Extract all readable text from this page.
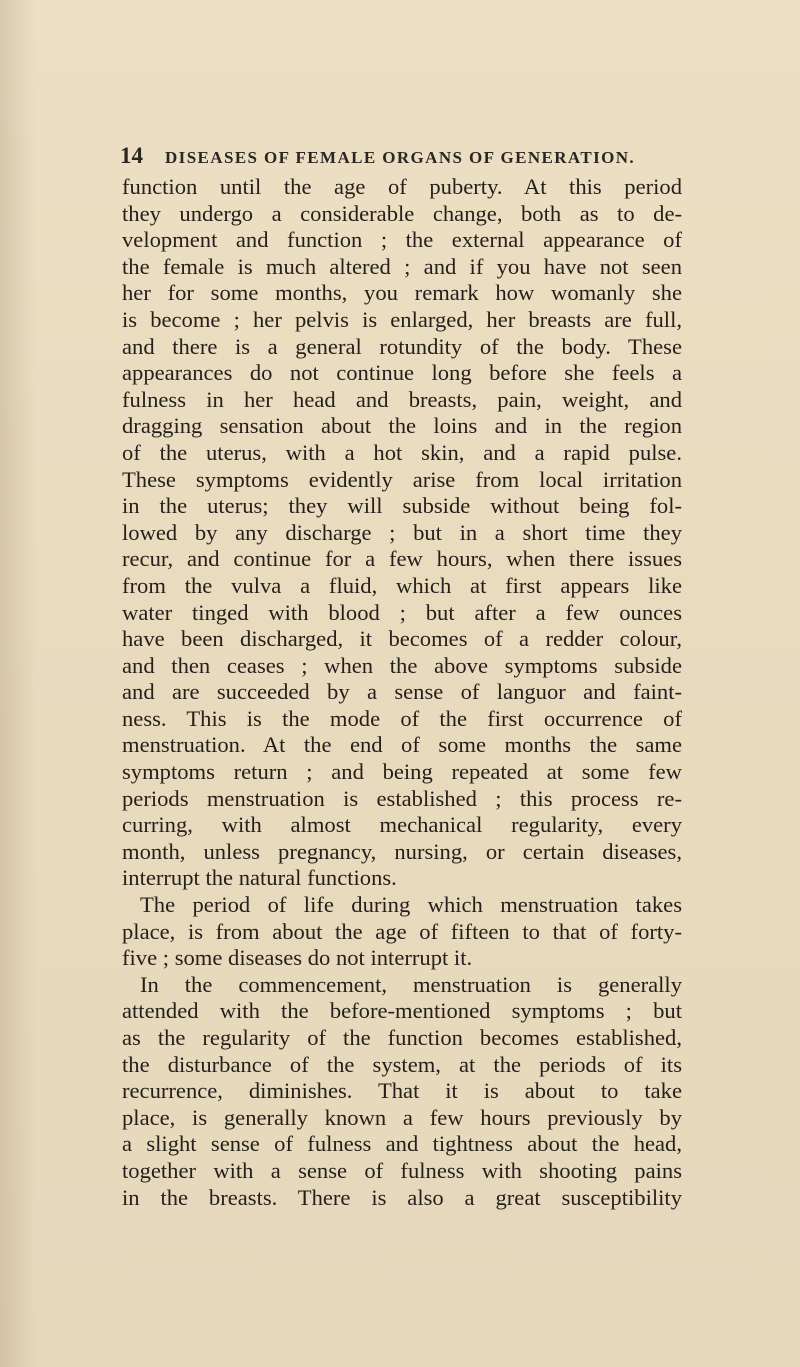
14 DISEASES OF FEMALE ORGANS OF GENERATION.
function until the age of puberty. At this period
they undergo a considerable change, both as to de-
velopment and function ; the external appearance of
the female is much altered ; and if you have not seen
her for some months, you remark how womanly she
is become ; her pelvis is enlarged, her breasts are full,
and there is a general rotundity of the body. These
appearances do not continue long before she feels a
fulness in her head and breasts, pain, weight, and
dragging sensation about the loins and in the region
of the uterus, with a hot skin, and a rapid pulse.
These symptoms evidently arise from local irritation
in the uterus; they will subside without being fol-
lowed by any discharge ; but in a short time they
recur, and continue for a few hours, when there issues
from the vulva a fluid, which at first appears like
water tinged with blood ; but after a few ounces
have been discharged, it becomes of a redder colour,
and then ceases ; when the above symptoms subside
and are succeeded by a sense of languor and faint-
ness. This is the mode of the first occurrence of
menstruation. At the end of some months the same
symptoms return ; and being repeated at some few
periods menstruation is established ; this process re-
curring, with almost mechanical regularity, every
month, unless pregnancy, nursing, or certain diseases,
interrupt the natural functions.
The period of life during which menstruation takes
place, is from about the age of fifteen to that of forty-
five ; some diseases do not interrupt it.
In the commencement, menstruation is generally
attended with the before-mentioned symptoms ; but
as the regularity of the function becomes established,
the disturbance of the system, at the periods of its
recurrence, diminishes. That it is about to take
place, is generally known a few hours previously by
a slight sense of fulness and tightness about the head,
together with a sense of fulness with shooting pains
in the breasts. There is also a great susceptibility
